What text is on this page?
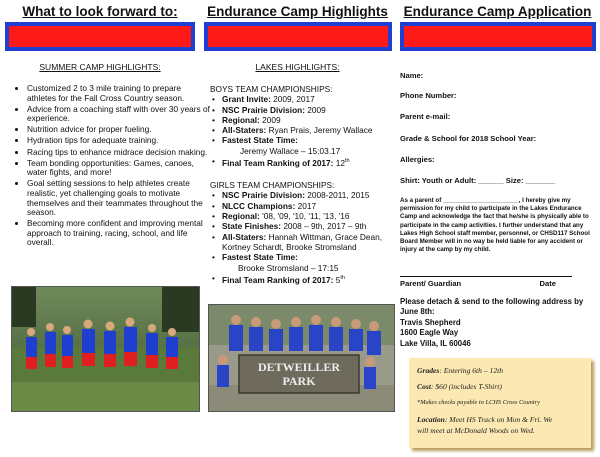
What to look forward to:
SUMMER CAMP HIGHLIGHTS:
• Customized 2 to 3 mile training to prepare athletes for the Fall Cross Country season.
• Advice from a coaching staff with over 30 years of experience.
• Nutrition advice for proper fueling.
• Hydration tips for adequate training.
• Racing tips to enhance midrace decision making.
• Team bonding opportunities: Games, canoes, water fights, and more!
• Goal setting sessions to help athletes create realistic, yet challenging goals to motivate themselves and their teammates throughout the season.
• Becoming more confident and improving mental approach to training, racing, school, and life overall.
Endurance Camp Highlights
LAKES HIGHLIGHTS:
BOYS TEAM CHAMPIONSHIPS:
• Grant Invite: 2009, 2017
• NSC Prairie Division: 2009
• Regional: 2009
• All-Staters: Ryan Prais, Jeremy Wallace
• Fastest State Time:
Jeremy Wallace – 15:03.17
• Final Team Ranking of 2017: 12th
GIRLS TEAM CHAMPIONSHIPS:
• NSC Prairie Division: 2008-2011, 2015
• NLCC Champions: 2017
• Regional: '08, '09, '10, '11, '13, '16
• State Finishes: 2008 – 9th, 2017 – 9th
• All-Staters: Hannah Wittman, Grace Dean, Kortney Schardt, Brooke Stromsland
• Fastest State Time:
Brooke Stromsland – 17:15
• Final Team Ranking of 2017: 5th
DETWEILLER
PARK
Endurance Camp Application
Name:
Phone Number:
Parent e-mail:
Grade & School for 2018 School Year:
Allergies:
Shirt: Youth or Adult: ______ Size: _______
As a parent of ______________________, I hereby give my permission for my child to participate in the Lakes Endurance Camp and acknowledge the fact that he/she is physically able to participate in the camp activities. I further understand that any Lakes High School staff member, personnel, or CHSD117 School Board Member will in no way be held liable for any accident or injury at the camp by my child.
Parent/ Guardian	Date
Please detach & send to the following address by June 8th:
Travis Shepherd
1600 Eagle Way
Lake Villa, IL 60046
Grades: Entering 6th – 12th
Cost: $60 (includes T-Shirt)
*Makes checks payable to LCHS Cross Country
Location: Meet HS Track on Mon & Fri. We
will meet at McDonald Woods on Wed.
